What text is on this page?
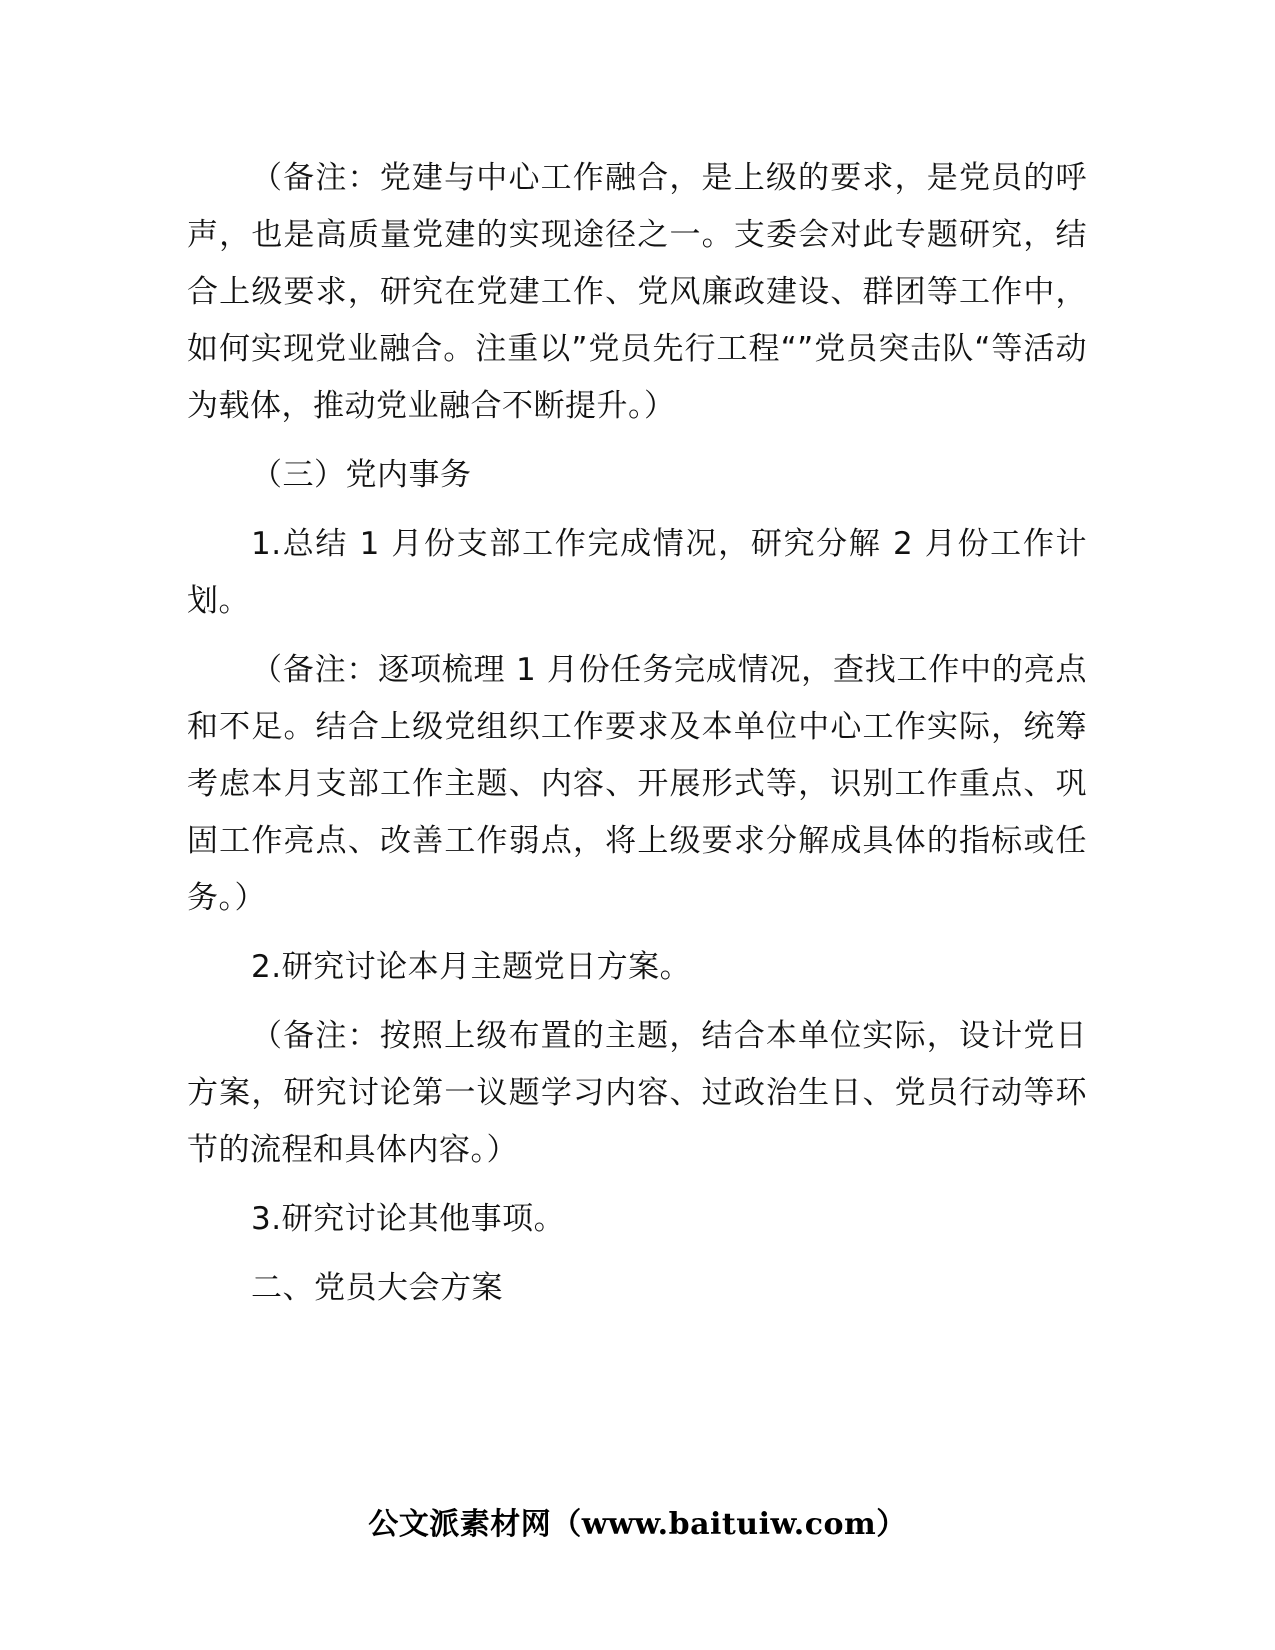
（备注：党建与中心工作融合，是上级的要求，是党员的呼声，也是高质量党建的实现途径之一。支委会对此专题研究，结合上级要求，研究在党建工作、党风廉政建设、群团等工作中，如何实现党业融合。注重以”党员先行工程“”党员突击队“等活动为载体，推动党业融合不断提升。）

（三）党内事务

1.总结 1 月份支部工作完成情况，研究分解 2 月份工作计划。

（备注：逐项梳理 1 月份任务完成情况，查找工作中的亮点和不足。结合上级党组织工作要求及本单位中心工作实际，统筹考虑本月支部工作主题、内容、开展形式等，识别工作重点、巩固工作亮点、改善工作弱点，将上级要求分解成具体的指标或任务。）

2.研究讨论本月主题党日方案。

（备注：按照上级布置的主题，结合本单位实际，设计党日方案，研究讨论第一议题学习内容、过政治生日、党员行动等环节的流程和具体内容。）

3.研究讨论其他事项。

二、党员大会方案

公文派素材网（www.baituiw.com）
